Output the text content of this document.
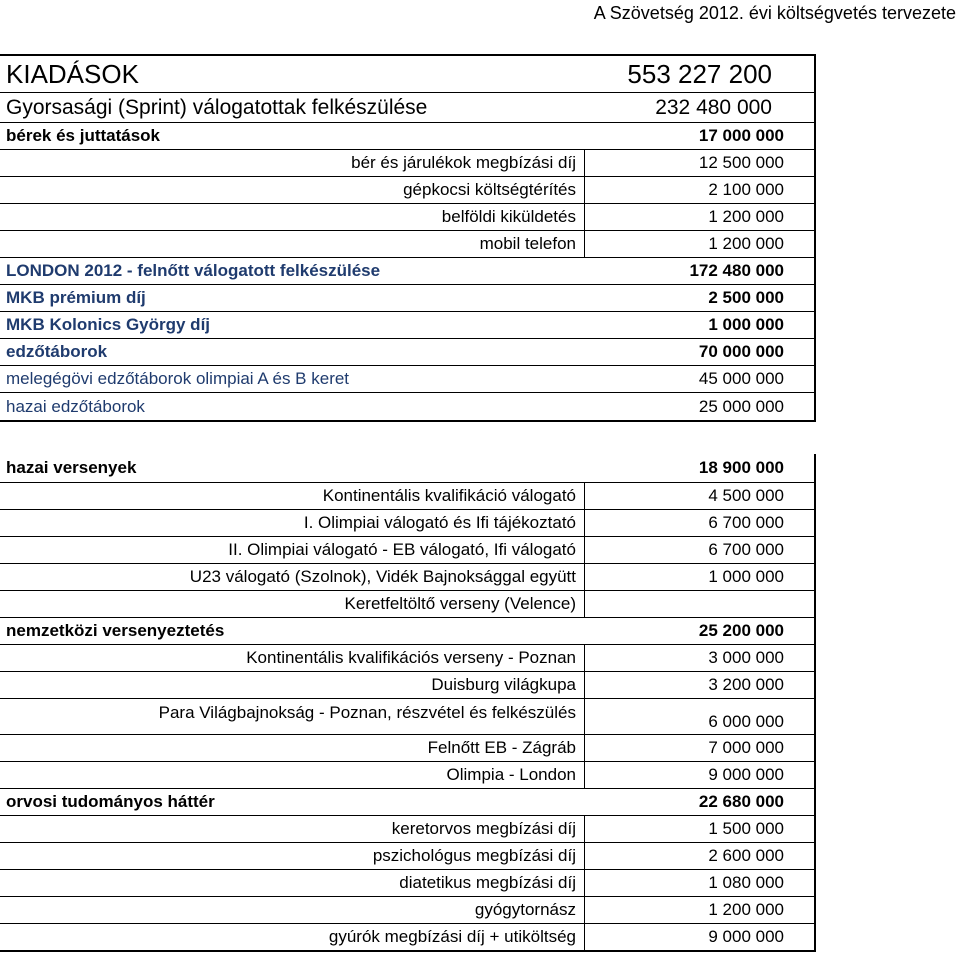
A Szövetség 2012. évi költségvetés tervezete
KIADÁSOK	553 227 200
Gyorsasági (Sprint) válogatottak felkészülése	232 480 000
bérek és juttatások	17 000 000
bér és járulékok megbízási díj	12 500 000
gépkocsi költségtérítés	2 100 000
belföldi kiküldetés	1 200 000
mobil telefon	1 200 000
LONDON 2012 - felnőtt válogatott felkészülése	172 480 000
MKB prémium díj	2 500 000
MKB Kolonics György díj	1 000 000
edzőtáborok	70 000 000
melegégövi edzőtáborok olimpiai A és B keret	45 000 000
hazai edzőtáborok	25 000 000
hazai versenyek	18 900 000
Kontinentális kvalifikáció válogató	4 500 000
I. Olimpiai válogató és Ifi tájékoztató	6 700 000
II. Olimpiai válogató - EB válogató, Ifi válogató	6 700 000
U23 válogató (Szolnok), Vidék Bajnoksággal együtt	1 000 000
Keretfeltöltő verseny (Velence)
nemzetközi versenyeztetés	25 200 000
Kontinentális kvalifikációs verseny - Poznan	3 000 000
Duisburg világkupa	3 200 000
Para Világbajnokság - Poznan, részvétel és felkészülés	6 000 000
Felnőtt EB - Zágráb	7 000 000
Olimpia - London	9 000 000
orvosi tudományos háttér	22 680 000
keretorvos megbízási díj	1 500 000
pszichológus megbízási díj	2 600 000
diatetikus megbízási díj	1 080 000
gyógytornász	1 200 000
gyúrók megbízási díj + utiköltség	9 000 000
